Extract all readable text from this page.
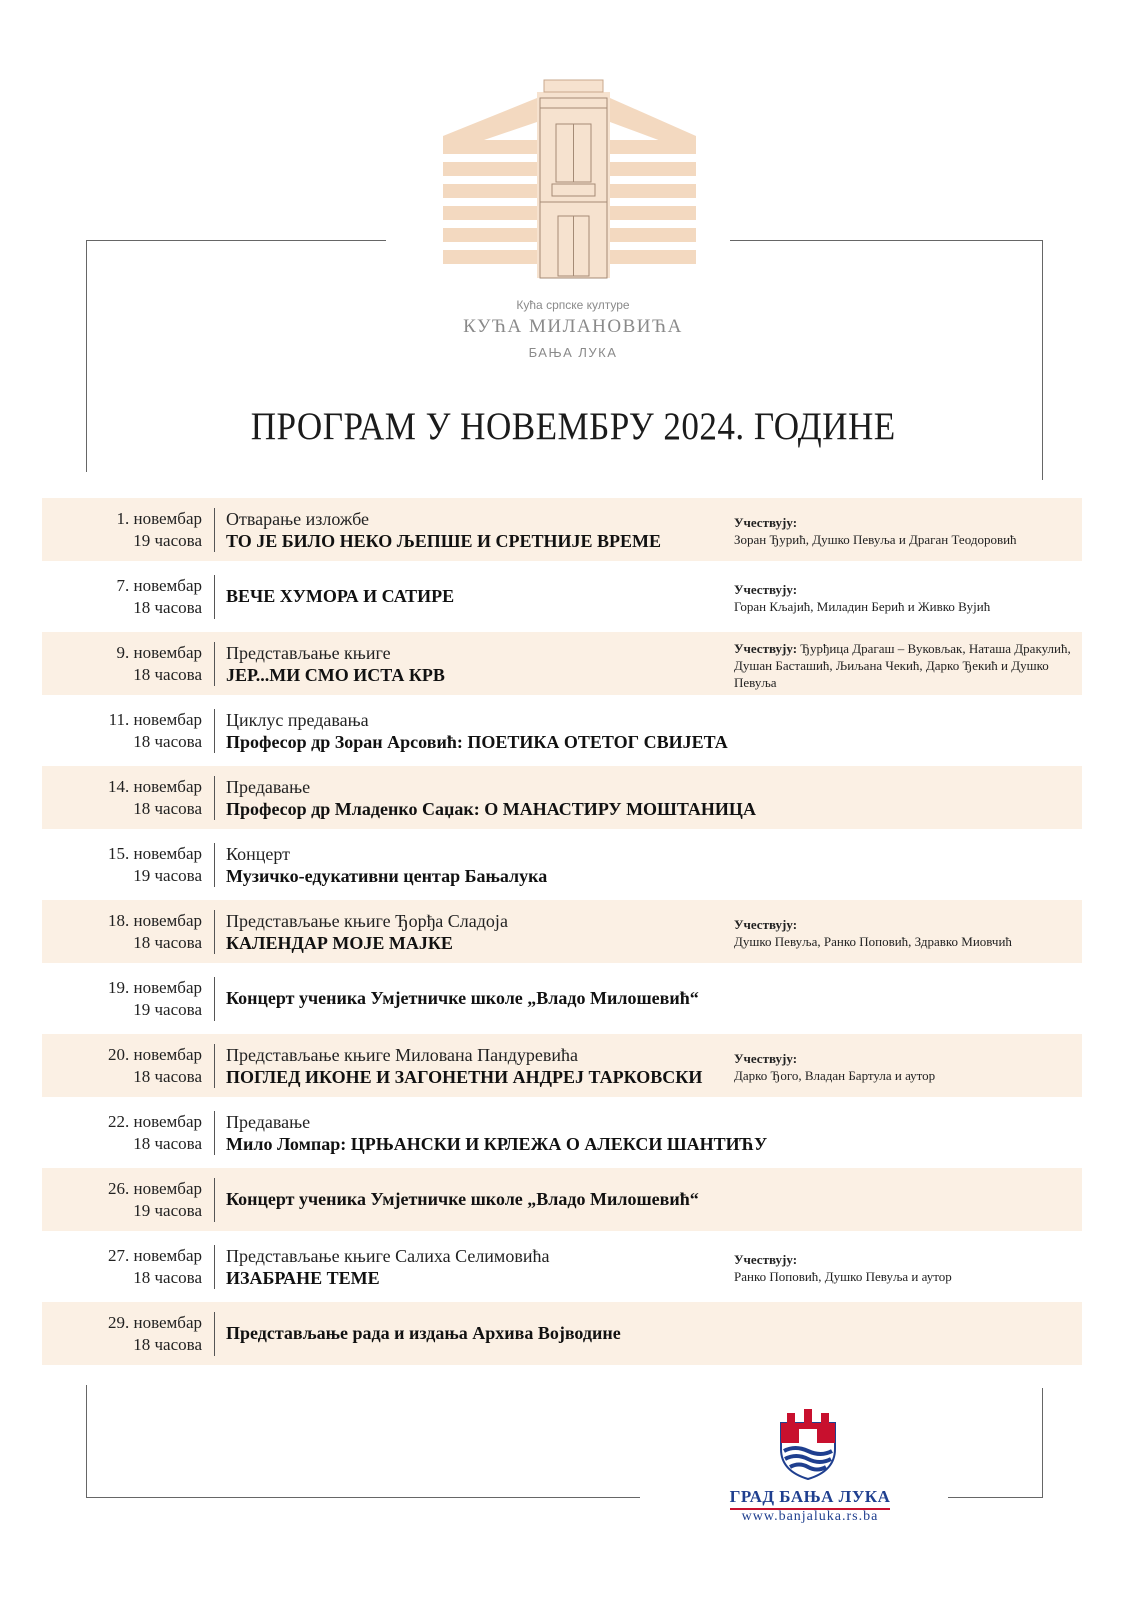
Кућа српске културе
КУЋА МИЛАНОВИЋА
БАЊА ЛУКА
ПРОГРАМ У НОВЕМБРУ 2024. ГОДИНЕ
1. новембар
19 часова
Отварање изложбе
ТО ЈЕ БИЛО НЕКО ЉЕПШЕ И СРЕТНИЈЕ ВРЕМЕ
Учествују:
Зоран Ђурић, Душко Певуља и Драган Теодоровић
7. новембар
18 часова
ВЕЧЕ ХУМОРА И САТИРЕ	Учествују:
Горан Кљајић, Миладин Берић и Живко Вујић
9. новембар
18 часова
Представљање књиге
ЈЕР...МИ СМО ИСТА КРВ
Учествују: Ђурђица Драгаш – Вуковљак, Наташа Дракулић, Душан Басташић, Љиљана Чекић, Дарко Ђекић и Душко Певуља
11. новембар
18 часова
Циклус предавања
Професор др Зоран Арсовић: ПОЕТИКА ОТЕТОГ СВИЈЕТА
14. новембар
18 часова
Предавање
Професор др Младенко Саџак: О МАНАСТИРУ МОШТАНИЦА
15. новембар
19 часова
Концерт
Музичко-едукативни центар Бањалука
18. новембар
18 часова
Представљање књиге Ђорђа Сладоја
КАЛЕНДАР МОЈЕ МАЈКЕ
Учествују:
Душко Певуља, Ранко Поповић, Здравко Миовчић
19. новембар
19 часова
Концерт ученика Умјетничке школе „Владо Милошевић“
20. новембар
18 часова
Представљање књиге Милована Пандуревића
ПОГЛЕД ИКОНЕ И ЗАГОНЕТНИ АНДРЕЈ ТАРКОВСКИ
Учествују:
Дарко Ђого, Владан Бартула и аутор
22. новембар
18 часова
Предавање
Мило Ломпар: ЦРЊАНСКИ И КРЛЕЖА О АЛЕКСИ ШАНТИЋУ
26. новембар
19 часова
Концерт ученика Умјетничке школе „Владо Милошевић“
27. новембар
18 часова
Представљање књиге Салиха Селимовића
ИЗАБРАНЕ ТЕМЕ
Учествују:
Ранко Поповић, Душко Певуља и аутор
29. новембар
18 часова
Представљање рада и издања Архива Војводине
ГРАД БАЊА ЛУКА
www.banjaluka.rs.ba
